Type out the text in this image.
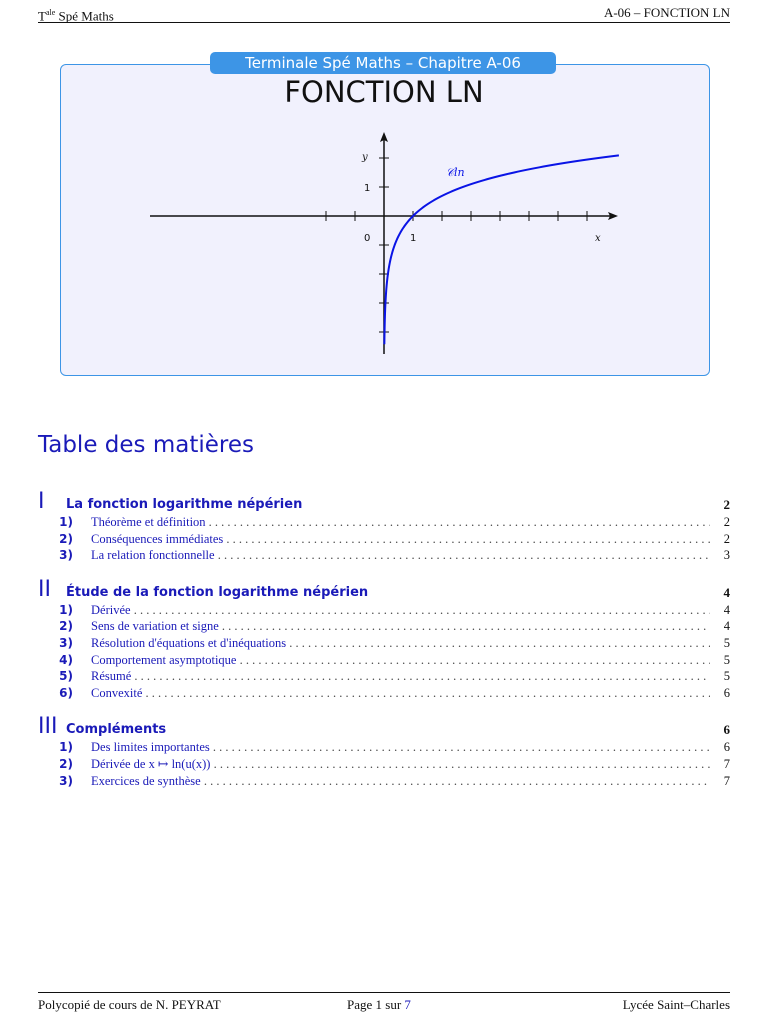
$T^{ale}$ Spé Maths	A-06 – FONCTION LN
Terminale Spé Maths – Chapitre A-06
FONCTION LN
0	1
1
x
y
𝒞ln
Table des matières
I La fonction logarithme népérien	2
1) Théorème et définition . . .	2
2) Conséquences immédiates . . .	2
3) La relation fonctionnelle . . .	3
II Étude de la fonction logarithme népérien	4
1) Dérivée . . .	4
2) Sens de variation et signe . . .	4
3) Résolution d'équations et d'inéquations . . .	5
4) Comportement asymptotique . . .	5
5) Résumé . . .	5
6) Convexité . . .	6
III Compléments	6
1) Des limites importantes . . .	6
2) Dérivée de x ↦ ln(u(x)) . . .	7
3) Exercices de synthèse . . .	7
Polycopié de cours de N. PEYRAT	Page 1 sur 7	Lycée Saint–Charles
